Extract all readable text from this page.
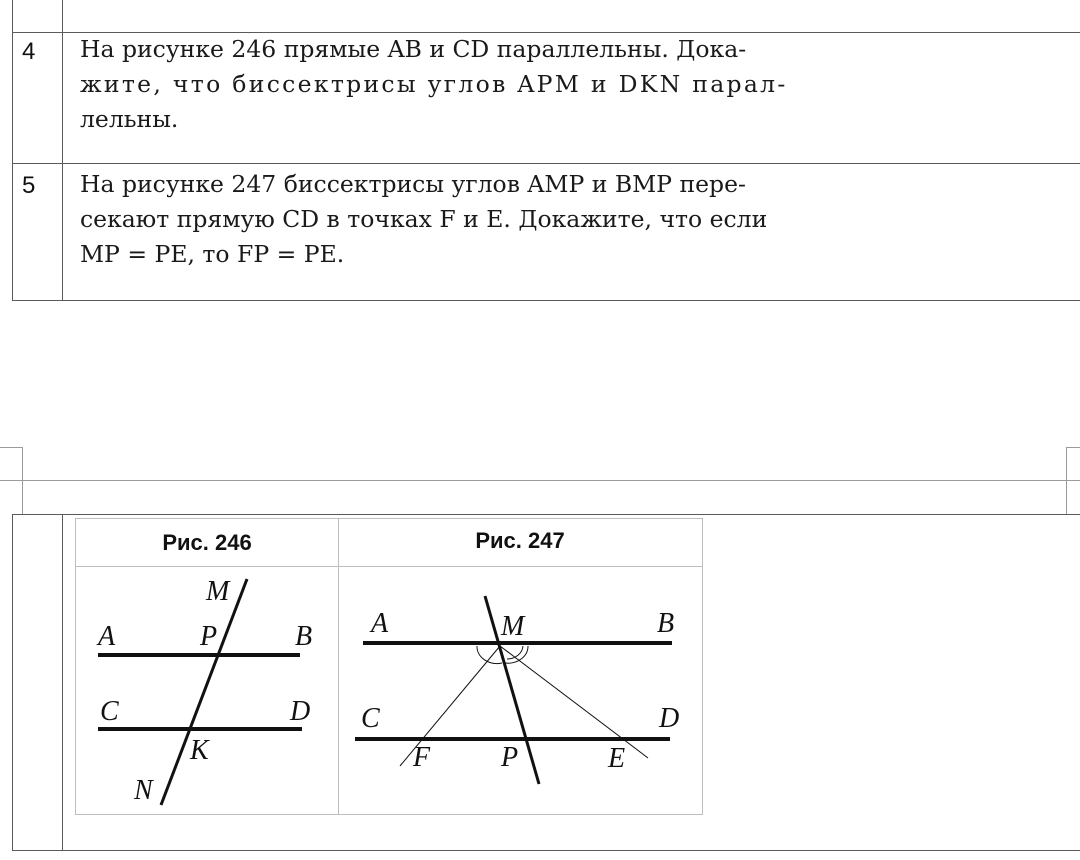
4 На рисунке 246 прямые AB и CD параллельны. Дока-
жите, что биссектрисы углов APM и DKN парал-
лельны.
5 На рисунке 247 биссектрисы углов AMP и BMP пере-
секают прямую CD в точках F и E. Докажите, что если
MP = PE, то FP = PE.
Рис. 246	Рис. 247
M
A	P	B
C	D
K
N
A	M	B
C	D
F	P	E
